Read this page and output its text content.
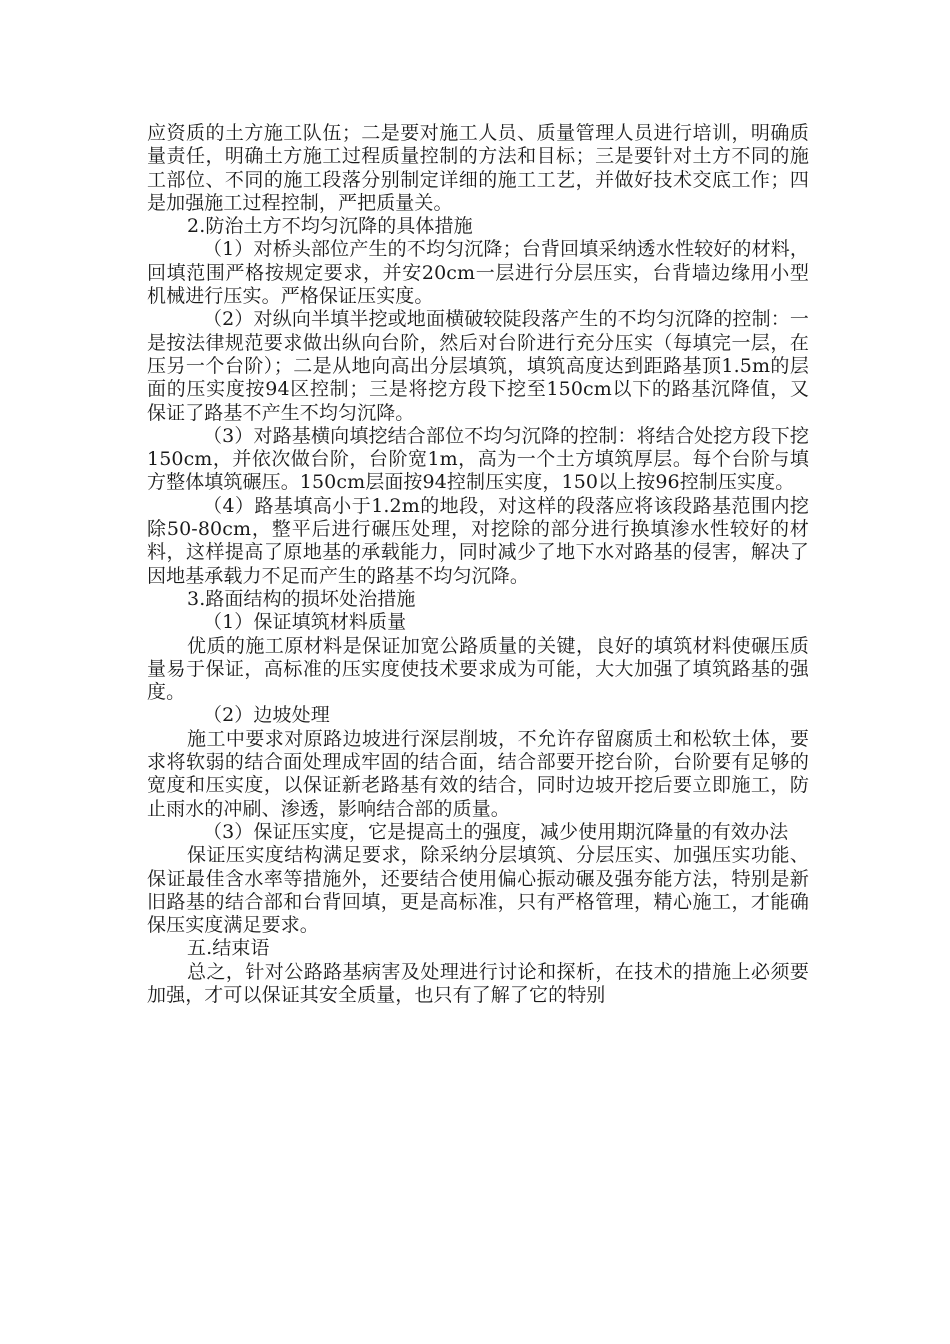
应资质的土方施工队伍；二是要对施工人员、质量管理人员进行培训，明确质量责任，明确土方施工过程质量控制的方法和目标；三是要针对土方不同的施工部位、不同的施工段落分别制定详细的施工工艺，并做好技术交底工作；四是加强施工过程控制，严把质量关。

2.防治土方不均匀沉降的具体措施

（1）对桥头部位产生的不均匀沉降；台背回填采纳透水性较好的材料，回填范围严格按规定要求，并安20cm一层进行分层压实，台背墙边缘用小型机械进行压实。严格保证压实度。

（2）对纵向半填半挖或地面横破较陡段落产生的不均匀沉降的控制：一是按法律规范要求做出纵向台阶，然后对台阶进行充分压实（每填完一层，在压另一个台阶）；二是从地向高出分层填筑，填筑高度达到距路基顶1.5m的层面的压实度按94区控制；三是将挖方段下挖至150cm以下的路基沉降值，又保证了路基不产生不均匀沉降。

（3）对路基横向填挖结合部位不均匀沉降的控制：将结合处挖方段下挖150cm，并依次做台阶，台阶宽1m，高为一个土方填筑厚层。每个台阶与填方整体填筑碾压。150cm层面按94控制压实度，150以上按96控制压实度。

（4）路基填高小于1.2m的地段，对这样的段落应将该段路基范围内挖除50-80cm，整平后进行碾压处理，对挖除的部分进行换填渗水性较好的材料，这样提高了原地基的承载能力，同时减少了地下水对路基的侵害，解决了因地基承载力不足而产生的路基不均匀沉降。

3.路面结构的损坏处治措施

（1）保证填筑材料质量

优质的施工原材料是保证加宽公路质量的关键，良好的填筑材料使碾压质量易于保证，高标准的压实度使技术要求成为可能，大大加强了填筑路基的强度。

（2）边坡处理

施工中要求对原路边坡进行深层削坡，不允许存留腐质土和松软土体，要求将软弱的结合面处理成牢固的结合面，结合部要开挖台阶，台阶要有足够的宽度和压实度，以保证新老路基有效的结合，同时边坡开挖后要立即施工，防止雨水的冲刷、渗透，影响结合部的质量。

（3）保证压实度，它是提高土的强度，减少使用期沉降量的有效办法

保证压实度结构满足要求，除采纳分层填筑、分层压实、加强压实功能、保证最佳含水率等措施外，还要结合使用偏心振动碾及强夯能方法，特别是新旧路基的结合部和台背回填，更是高标准，只有严格管理，精心施工，才能确保压实度满足要求。

五.结束语

总之，针对公路路基病害及处理进行讨论和探析，在技术的措施上必须要加强，才可以保证其安全质量，也只有了解了它的特别
